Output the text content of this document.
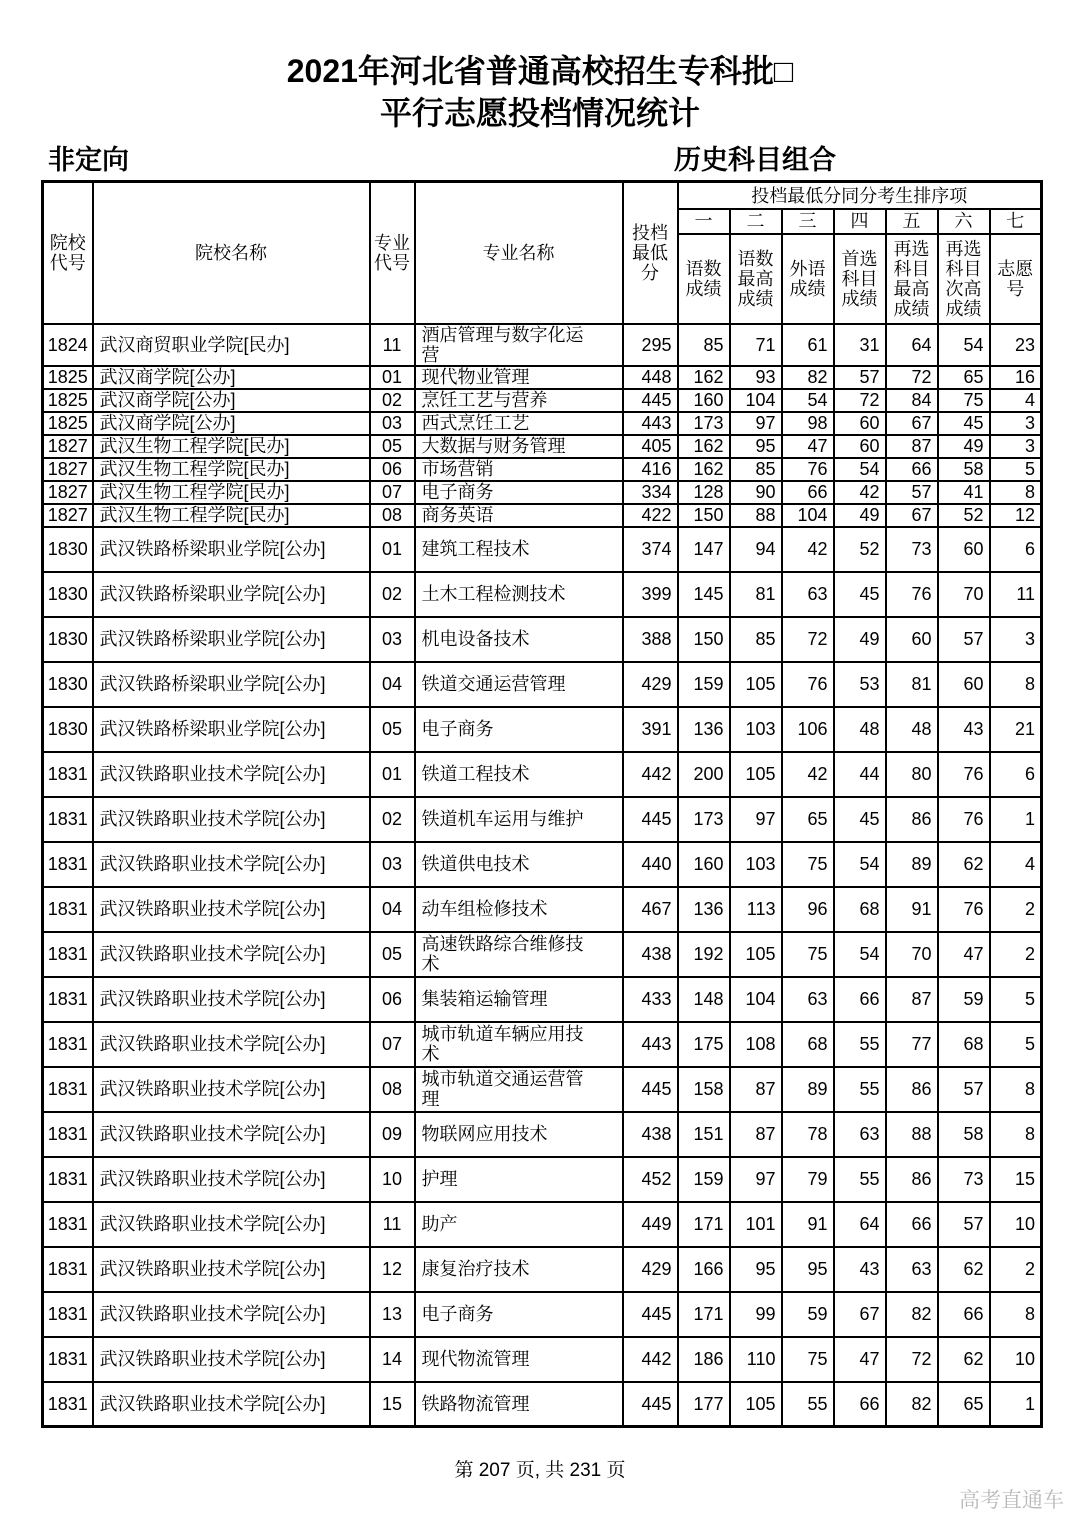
2021年河北省普通高校招生专科批□
平行志愿投档情况统计
非定向	历史科目组合
院校代号	院校名称	专业代号	专业名称	投档最低分	投档最低分同分考生排序项						
					一	二	三	四	五	六	七
					语数成绩	语数最高成绩	外语成绩	首选科目成绩	再选科目最高成绩	再选科目次高成绩	志愿号
1824	武汉商贸职业学院[民办]	11	酒店管理与数字化运营	295	85	71	61	31	64	54	23
1825	武汉商学院[公办]	01	现代物业管理	448	162	93	82	57	72	65	16
1825	武汉商学院[公办]	02	烹饪工艺与营养	445	160	104	54	72	84	75	4
1825	武汉商学院[公办]	03	西式烹饪工艺	443	173	97	98	60	67	45	3
1827	武汉生物工程学院[民办]	05	大数据与财务管理	405	162	95	47	60	87	49	3
1827	武汉生物工程学院[民办]	06	市场营销	416	162	85	76	54	66	58	5
1827	武汉生物工程学院[民办]	07	电子商务	334	128	90	66	42	57	41	8
1827	武汉生物工程学院[民办]	08	商务英语	422	150	88	104	49	67	52	12
1830	武汉铁路桥梁职业学院[公办]	01	建筑工程技术	374	147	94	42	52	73	60	6
1830	武汉铁路桥梁职业学院[公办]	02	土木工程检测技术	399	145	81	63	45	76	70	11
1830	武汉铁路桥梁职业学院[公办]	03	机电设备技术	388	150	85	72	49	60	57	3
1830	武汉铁路桥梁职业学院[公办]	04	铁道交通运营管理	429	159	105	76	53	81	60	8
1830	武汉铁路桥梁职业学院[公办]	05	电子商务	391	136	103	106	48	48	43	21
1831	武汉铁路职业技术学院[公办]	01	铁道工程技术	442	200	105	42	44	80	76	6
1831	武汉铁路职业技术学院[公办]	02	铁道机车运用与维护	445	173	97	65	45	86	76	1
1831	武汉铁路职业技术学院[公办]	03	铁道供电技术	440	160	103	75	54	89	62	4
1831	武汉铁路职业技术学院[公办]	04	动车组检修技术	467	136	113	96	68	91	76	2
1831	武汉铁路职业技术学院[公办]	05	高速铁路综合维修技术	438	192	105	75	54	70	47	2
1831	武汉铁路职业技术学院[公办]	06	集装箱运输管理	433	148	104	63	66	87	59	5
1831	武汉铁路职业技术学院[公办]	07	城市轨道车辆应用技术	443	175	108	68	55	77	68	5
1831	武汉铁路职业技术学院[公办]	08	城市轨道交通运营管理	445	158	87	89	55	86	57	8
1831	武汉铁路职业技术学院[公办]	09	物联网应用技术	438	151	87	78	63	88	58	8
1831	武汉铁路职业技术学院[公办]	10	护理	452	159	97	79	55	86	73	15
1831	武汉铁路职业技术学院[公办]	11	助产	449	171	101	91	64	66	57	10
1831	武汉铁路职业技术学院[公办]	12	康复治疗技术	429	166	95	95	43	63	62	2
1831	武汉铁路职业技术学院[公办]	13	电子商务	445	171	99	59	67	82	66	8
1831	武汉铁路职业技术学院[公办]	14	现代物流管理	442	186	110	75	47	72	62	10
1831	武汉铁路职业技术学院[公办]	15	铁路物流管理	445	177	105	55	66	82	65	1
第 207 页, 共 231 页
高考直通车
